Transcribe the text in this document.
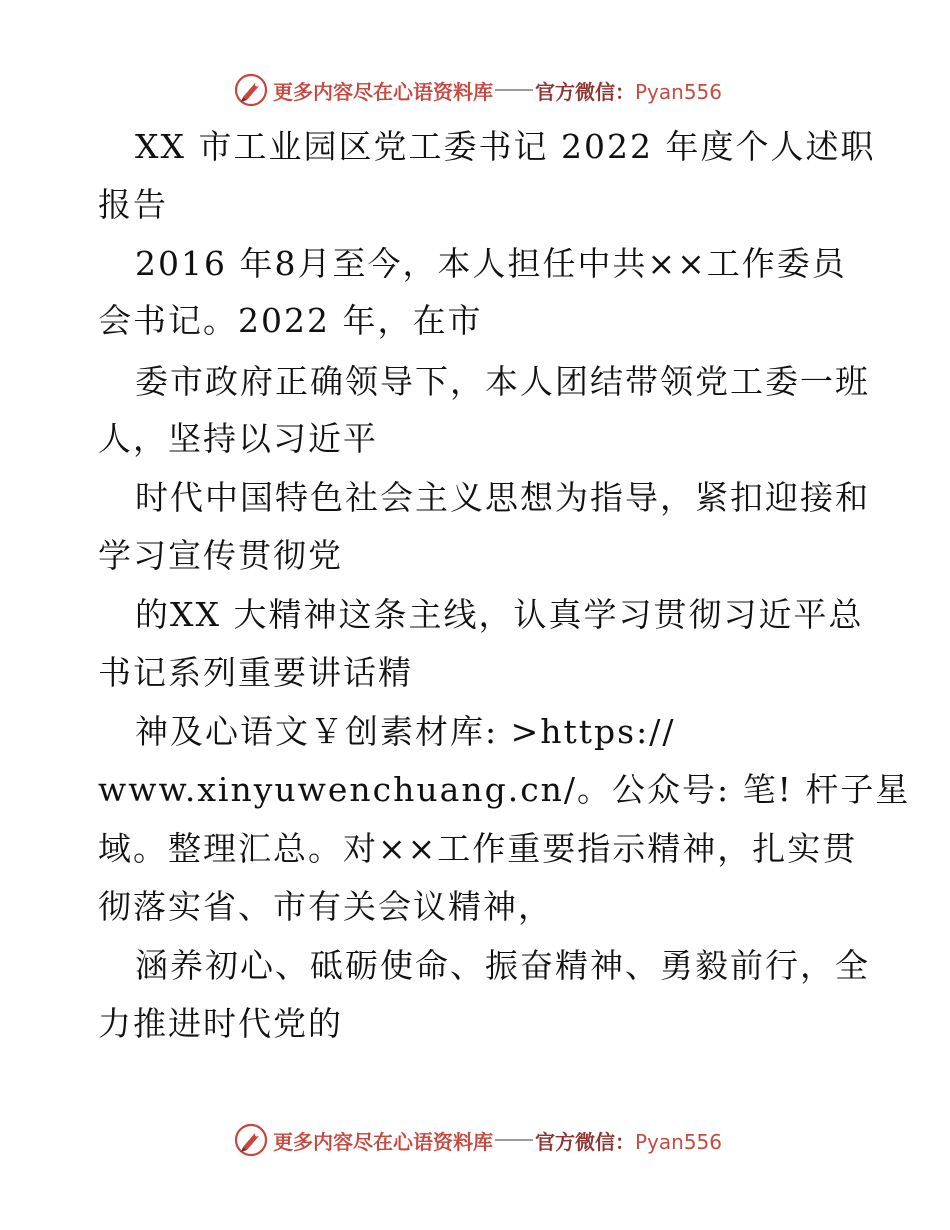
更多内容尽在心语资料库 官方微信：Pyan556
XX 市工业园区党工委书记 2022 年度个人述职
报告
2016 年8月至今，本人担任中共××工作委员
会书记。2022 年，在市
委市政府正确领导下，本人团结带领党工委一班
人，坚持以习近平
时代中国特色社会主义思想为指导，紧扣迎接和
学习宣传贯彻党
的XX 大精神这条主线，认真学习贯彻习近平总
书记系列重要讲话精
神及心语文￥创素材库: >https://
www.xinyuwenchuang.cn/。公众号: 笔! 杆子星
域。整理汇总。对××工作重要指示精神，扎实贯
彻落实省、市有关会议精神，
涵养初心、砥砺使命、振奋精神、勇毅前行，全
力推进时代党的
更多内容尽在心语资料库 官方微信：Pyan556
